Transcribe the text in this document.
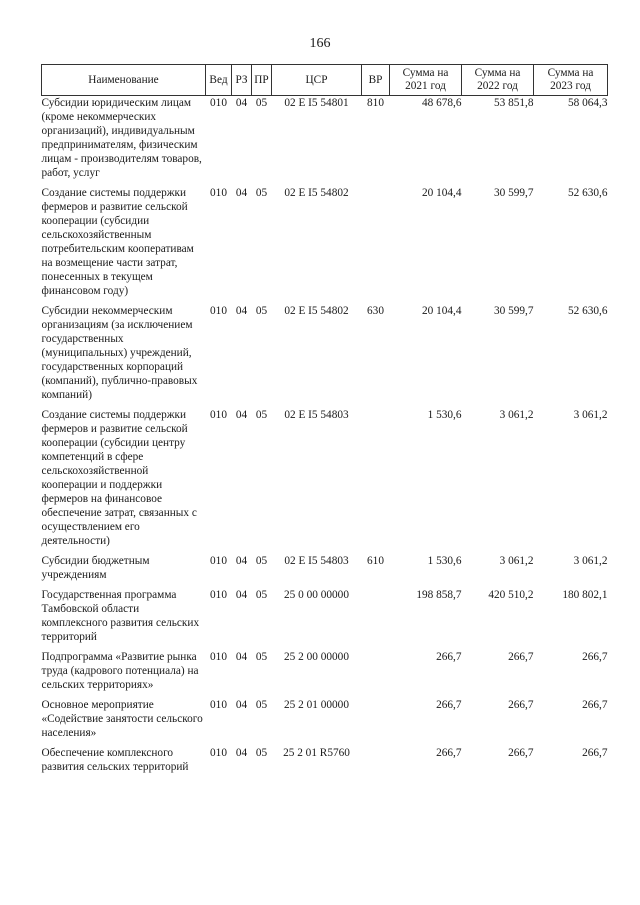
166
Наименование	Вед	РЗ	ПР	ЦСР	ВР	Сумма на 2021 год	Сумма на 2022 год	Сумма на 2023 год
Субсидии юридическим лицам (кроме некоммерческих организаций), индивидуальным предпринимателям, физическим лицам - производителям товаров, работ, услуг	010	04	05	02 E I5 54801	810	48 678,6	53 851,8	58 064,3
Создание системы поддержки фермеров и развитие сельской кооперации (субсидии сельскохозяйственным потребительским кооперативам на возмещение части затрат, понесенных в текущем финансовом году)	010	04	05	02 E I5 54802		20 104,4	30 599,7	52 630,6
Субсидии некоммерческим организациям (за исключением государственных (муниципальных) учреждений, государственных корпораций (компаний), публично-правовых компаний)	010	04	05	02 E I5 54802	630	20 104,4	30 599,7	52 630,6
Создание системы поддержки фермеров и развитие сельской кооперации (субсидии центру компетенций в сфере сельскохозяйственной кооперации и поддержки фермеров на финансовое обеспечение затрат, связанных с осуществлением его деятельности)	010	04	05	02 E I5 54803		1 530,6	3 061,2	3 061,2
Субсидии бюджетным учреждениям	010	04	05	02 E I5 54803	610	1 530,6	3 061,2	3 061,2
Государственная программа Тамбовской области комплексного развития сельских территорий	010	04	05	25 0 00 00000		198 858,7	420 510,2	180 802,1
Подпрограмма «Развитие рынка труда (кадрового потенциала) на сельских территориях»	010	04	05	25 2 00 00000		266,7	266,7	266,7
Основное мероприятие «Содействие занятости сельского населения»	010	04	05	25 2 01 00000		266,7	266,7	266,7
Обеспечение комплексного развития сельских территорий	010	04	05	25 2 01 R5760		266,7	266,7	266,7
